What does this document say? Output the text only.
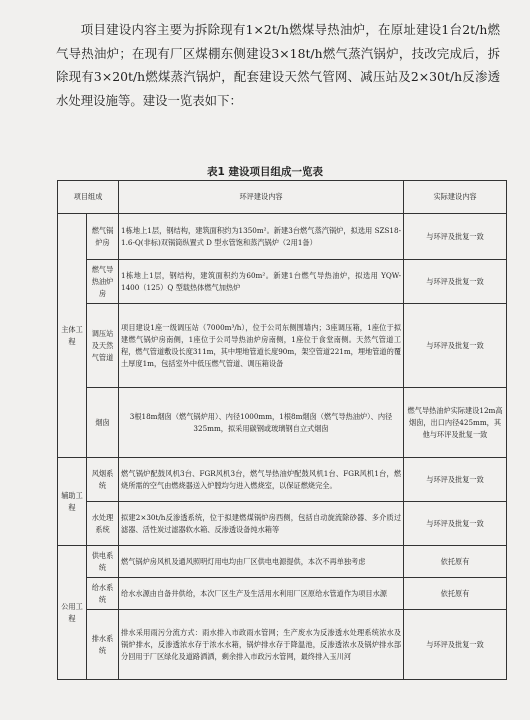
项目建设内容主要为拆除现有1×2t/h燃煤导热油炉，在原址建设1台2t/h燃气导热油炉；在现有厂区煤棚东侧建设3×18t/h燃气蒸汽锅炉，技改完成后，拆除现有3×20t/h燃煤蒸汽锅炉，配套建设天然气管网、减压站及2×30t/h反渗透水处理设施等。建设一览表如下：

表1 建设项目组成一览表
项目组成		环评建设内容	实际建设内容
主体工程	燃气锅炉房	1栋地上1层，钢结构，建筑面积约为1350m²。新建3台燃气蒸汽锅炉，拟选用 SZS18-1.6-Q(非标)双锅筒纵置式 D 型水管饱和蒸汽锅炉（2用1备）	与环评及批复一致
	燃气导热油炉房	1栋地上1层，钢结构，建筑面积约为60m²。新建1台燃气导热油炉，拟选用 YQW-1400（125）Q 型载热体燃气加热炉	与环评及批复一致
	调压站及天然气管道	项目建设1座一级调压站（7000m³/h），位于公司东侧围墙内；3座调压箱，1座位于拟建燃气锅炉房南侧，1座位于公司导热油炉房南侧，1座位于食堂南侧。天然气管道工程，燃气管道敷设长度311m，其中埋地管道长度90m，架空管道221m，埋地管道的覆土厚度1m，包括室外中低压燃气管道、调压箱设备	与环评及批复一致
	烟囱	3根18m烟囱（燃气锅炉用）、内径1000mm，1根8m烟囱（燃气导热油炉）、内径325mm，拟采用碳钢或玻璃钢自立式烟囱	燃气导热油炉实际建设12m高烟囱，出口内径425mm，其他与环评及批复一致
辅助工程	风烟系统	燃气锅炉配鼓风机3台、FGR风机3台，燃气导热油炉配鼓风机1台、FGR风机1台，燃烧所需的空气由燃烧器送入炉膛均匀进入燃烧室，以保证燃烧完全。	与环评及批复一致
	水处理系统	拟建2×30t/h反渗透系统，位于拟建燃煤锅炉房西侧，包括自动旋流除砂器、多介质过滤器、活性炭过滤器软水箱、反渗透设备纯水箱等	与环评及批复一致
公用工程	供电系统	燃气锅炉房风机及通风照明灯用电均由厂区供电电源提供，本次不再单独考虑	依托原有
	给水系统	给水水源由自备井供给，本次厂区生产及生活用水利用厂区原给水管道作为项目水源	依托原有
	排水系统	排水采用雨污分流方式：雨水排入市政雨水管网；生产废水为反渗透水处理系统浓水及锅炉排水，反渗透浓水存于浓水水箱，锅炉排水存于降温池，反渗透浓水及锅炉排水部分回用于厂区绿化及道路洒洒，剩余排入市政污水管网，最终排入玉川河	与环评及批复一致
